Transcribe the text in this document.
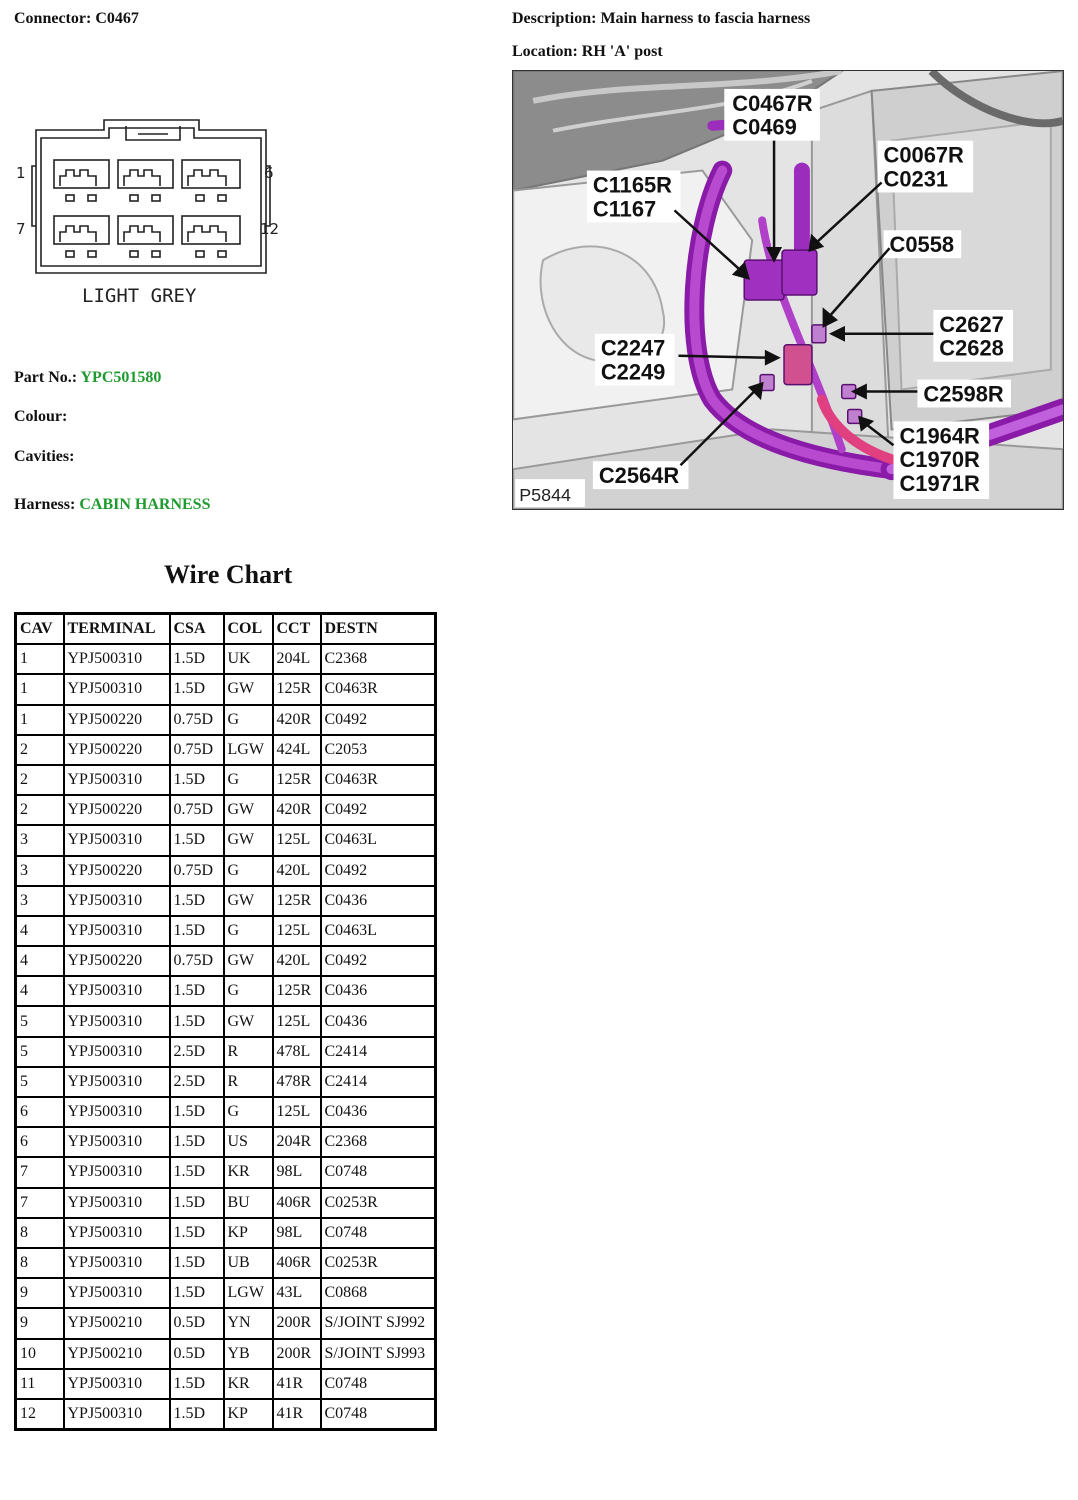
Connector: C0467	Description: Main harness to fascia harness
Location: RH 'A' post
1	6
7	12
LIGHT GREY
Part No.: YPC501580
Colour:
Cavities:
Harness: CABIN HARNESS
C0467R
C0469
C1165R
C1167
C0067R
C0231
C0558
C2627
C2628
C2247
C2249
C2598R
C1964R
C1970R
C1971R
C2564R
P5844
Wire Chart
CAV	TERMINAL	CSA	COL	CCT	DESTN
1	YPJ500310	1.5D	UK	204L	C2368
1	YPJ500310	1.5D	GW	125R	C0463R
1	YPJ500220	0.75D	G	420R	C0492
2	YPJ500220	0.75D	LGW	424L	C2053
2	YPJ500310	1.5D	G	125R	C0463R
2	YPJ500220	0.75D	GW	420R	C0492
3	YPJ500310	1.5D	GW	125L	C0463L
3	YPJ500220	0.75D	G	420L	C0492
3	YPJ500310	1.5D	GW	125R	C0436
4	YPJ500310	1.5D	G	125L	C0463L
4	YPJ500220	0.75D	GW	420L	C0492
4	YPJ500310	1.5D	G	125R	C0436
5	YPJ500310	1.5D	GW	125L	C0436
5	YPJ500310	2.5D	R	478L	C2414
5	YPJ500310	2.5D	R	478R	C2414
6	YPJ500310	1.5D	G	125L	C0436
6	YPJ500310	1.5D	US	204R	C2368
7	YPJ500310	1.5D	KR	98L	C0748
7	YPJ500310	1.5D	BU	406R	C0253R
8	YPJ500310	1.5D	KP	98L	C0748
8	YPJ500310	1.5D	UB	406R	C0253R
9	YPJ500310	1.5D	LGW	43L	C0868
9	YPJ500210	0.5D	YN	200R	S/JOINT SJ992
10	YPJ500210	0.5D	YB	200R	S/JOINT SJ993
11	YPJ500310	1.5D	KR	41R	C0748
12	YPJ500310	1.5D	KP	41R	C0748
